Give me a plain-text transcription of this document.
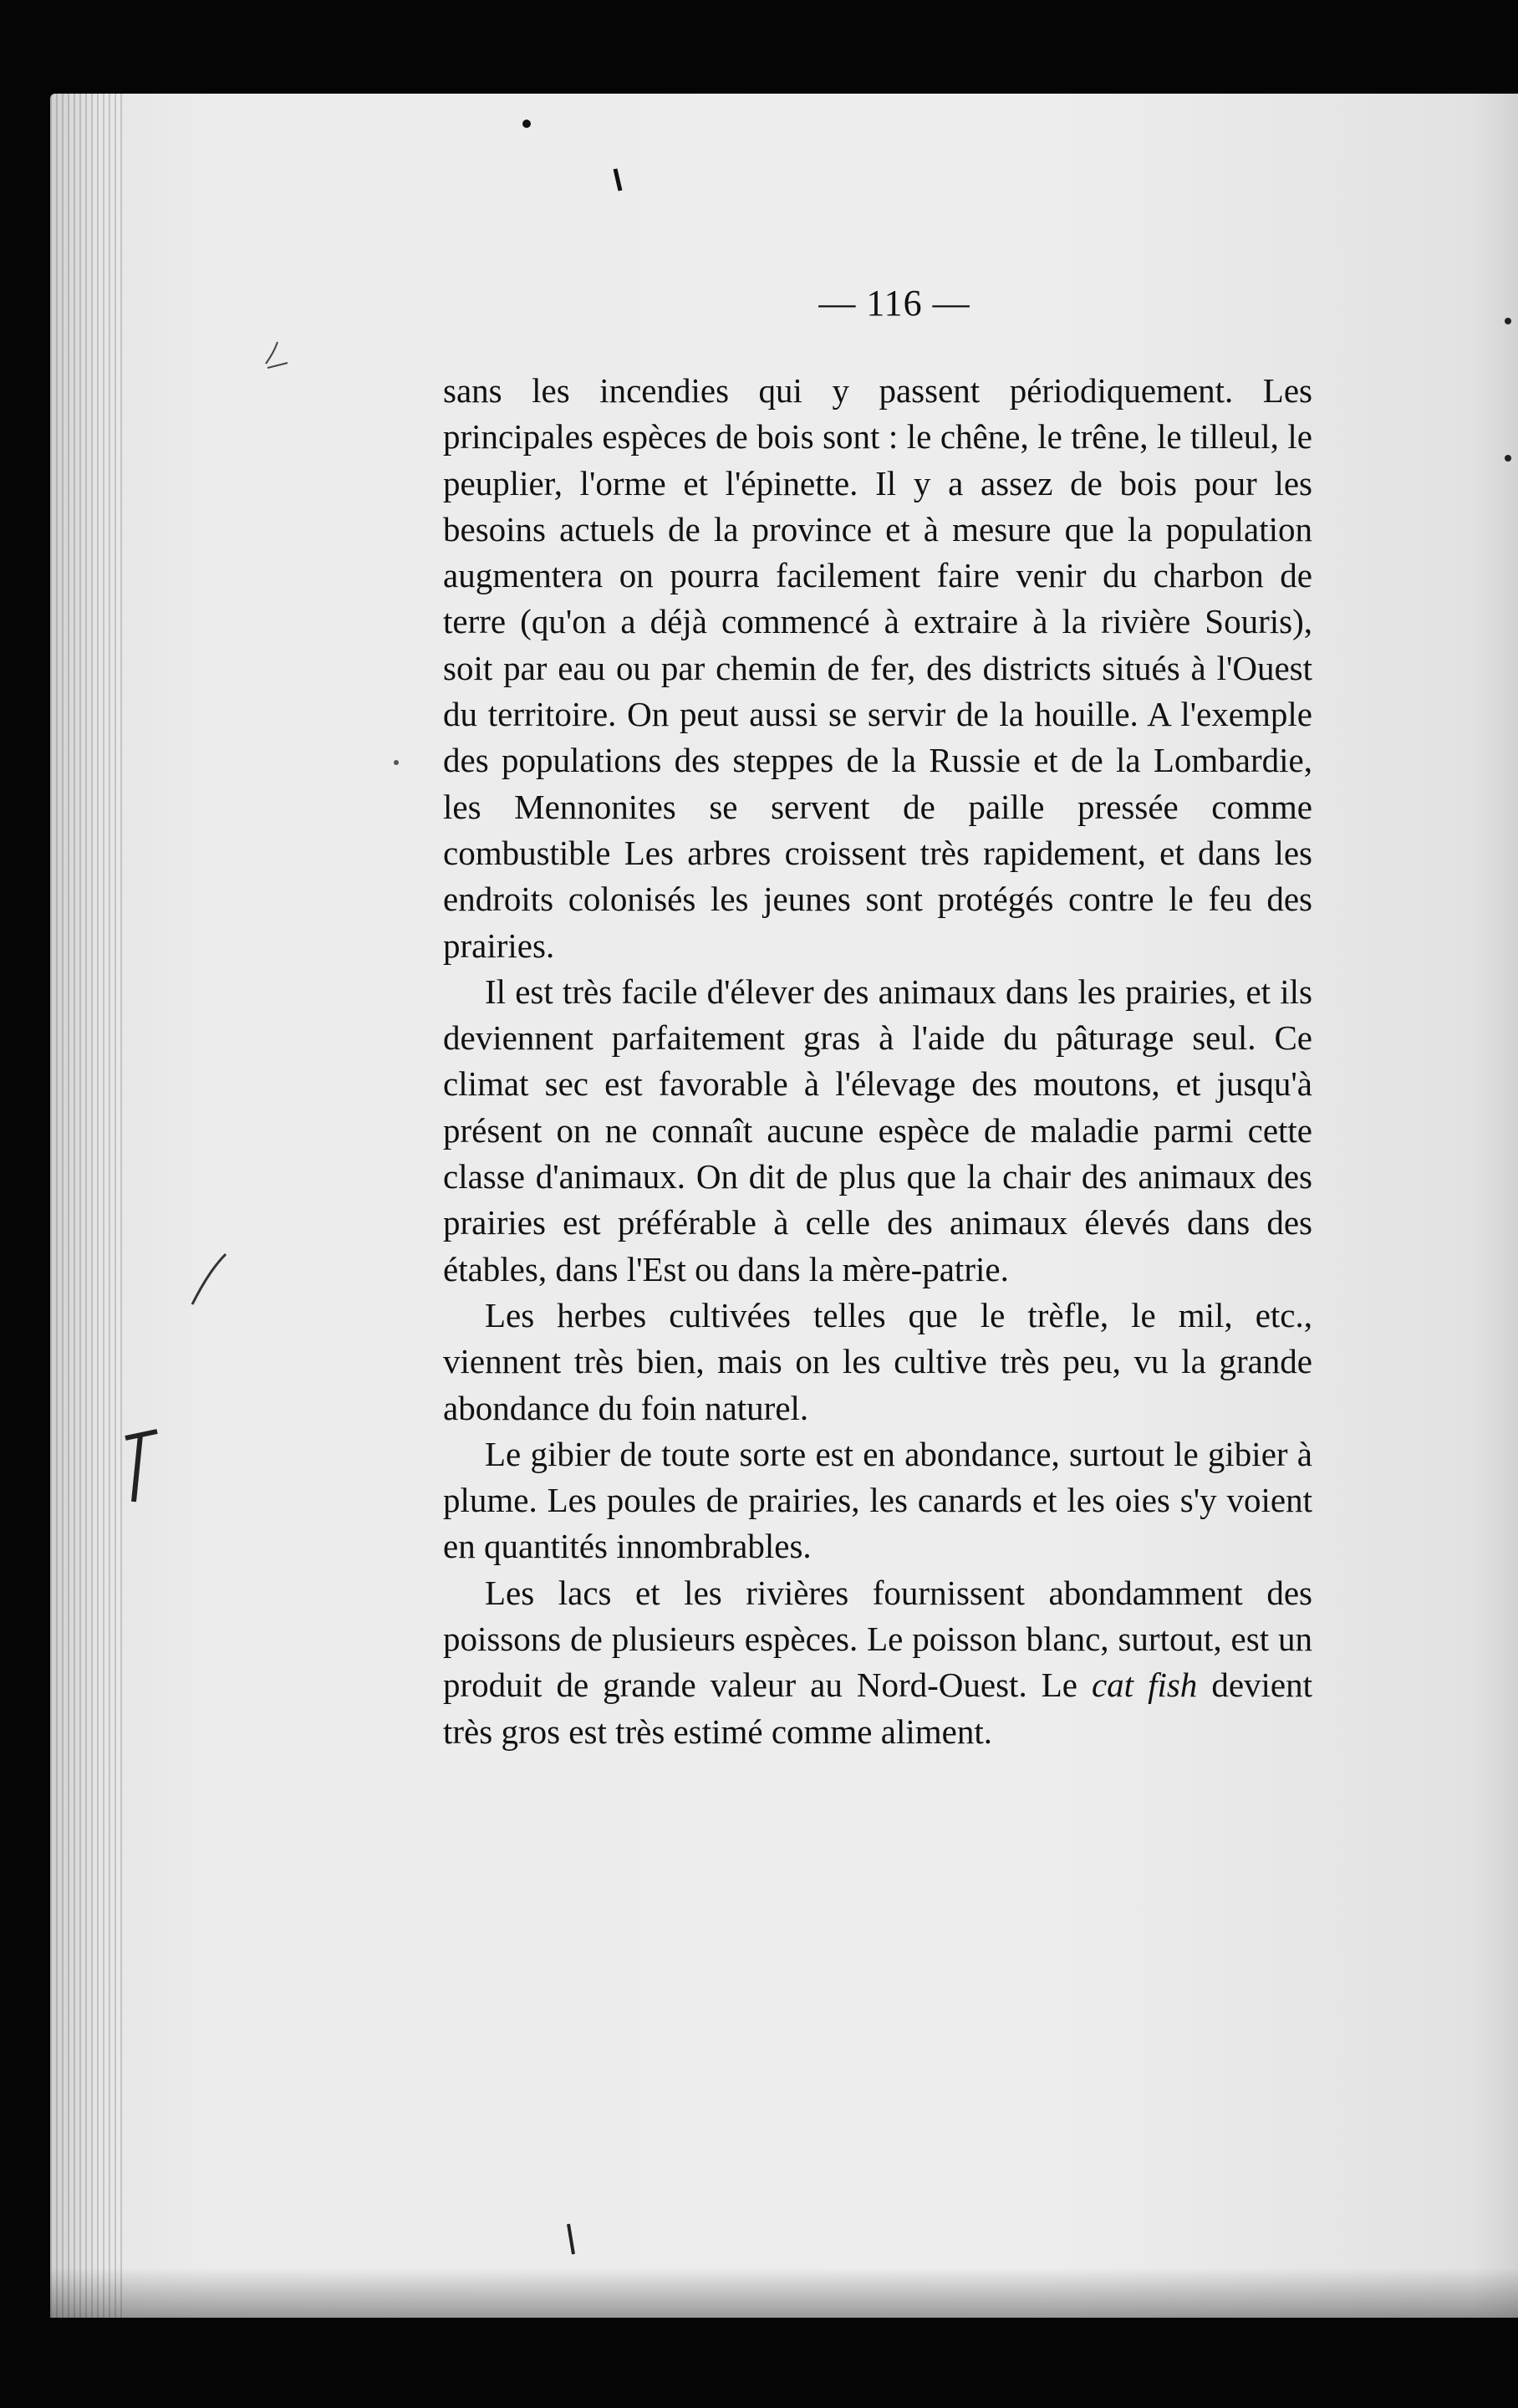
— 116 —

sans les incendies qui y passent périodiquement. Les principales espèces de bois sont : le chêne, le trêne, le tilleul, le peuplier, l'orme et l'épinette. Il y a assez de bois pour les besoins actuels de la province et à mesure que la population augmentera on pourra facilement faire venir du charbon de terre (qu'on a déjà commencé à extraire à la rivière Souris), soit par eau ou par chemin de fer, des districts situés à l'Ouest du territoire. On peut aussi se servir de la houille. A l'exemple des populations des steppes de la Russie et de la Lombardie, les Mennonites se servent de paille pressée comme combustible Les arbres croissent très rapidement, et dans les endroits colonisés les jeunes sont protégés contre le feu des prairies.

Il est très facile d'élever des animaux dans les prairies, et ils deviennent parfaitement gras à l'aide du pâturage seul. Ce climat sec est favorable à l'élevage des moutons, et jusqu'à présent on ne connaît aucune espèce de maladie parmi cette classe d'animaux. On dit de plus que la chair des animaux des prairies est préférable à celle des animaux élevés dans des étables, dans l'Est ou dans la mère-patrie.

Les herbes cultivées telles que le trèfle, le mil, etc., viennent très bien, mais on les cultive très peu, vu la grande abondance du foin naturel.

Le gibier de toute sorte est en abondance, surtout le gibier à plume. Les poules de prairies, les canards et les oies s'y voient en quantités innombrables.

Les lacs et les rivières fournissent abondamment des poissons de plusieurs espèces. Le poisson blanc, surtout, est un produit de grande valeur au Nord-Ouest. Le cat fish devient très gros est très estimé comme aliment.
